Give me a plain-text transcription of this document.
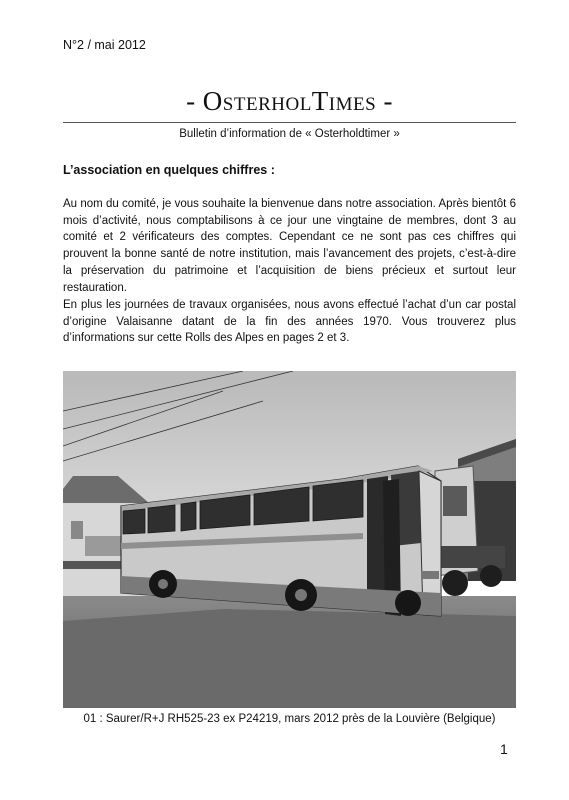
N°2 / mai 2012
- OsterholTimes -
Bulletin d’information de « Osterholdtimer »
L’association en quelques chiffres :

Au nom du comité, je vous souhaite la bienvenue dans notre association. Après bientôt 6 mois d’activité, nous comptabilisons à ce jour une vingtaine de membres, dont 3 au comité et 2 vérificateurs des comptes. Cependant ce ne sont pas ces chiffres qui prouvent la bonne santé de notre institution, mais l’avancement des projets, c’est-à-dire la préservation du patrimoine et l’acquisition de biens précieux et surtout leur restauration.

En plus les journées de travaux organisées, nous avons effectué l’achat d’un car postal d’origine Valaisanne datant de la fin des années 1970. Vous trouverez plus d’informations sur cette Rolls des Alpes en pages 2 et 3.

01 : Saurer/R+J RH525-23 ex P24219, mars 2012 près de la Louvière (Belgique)
1
